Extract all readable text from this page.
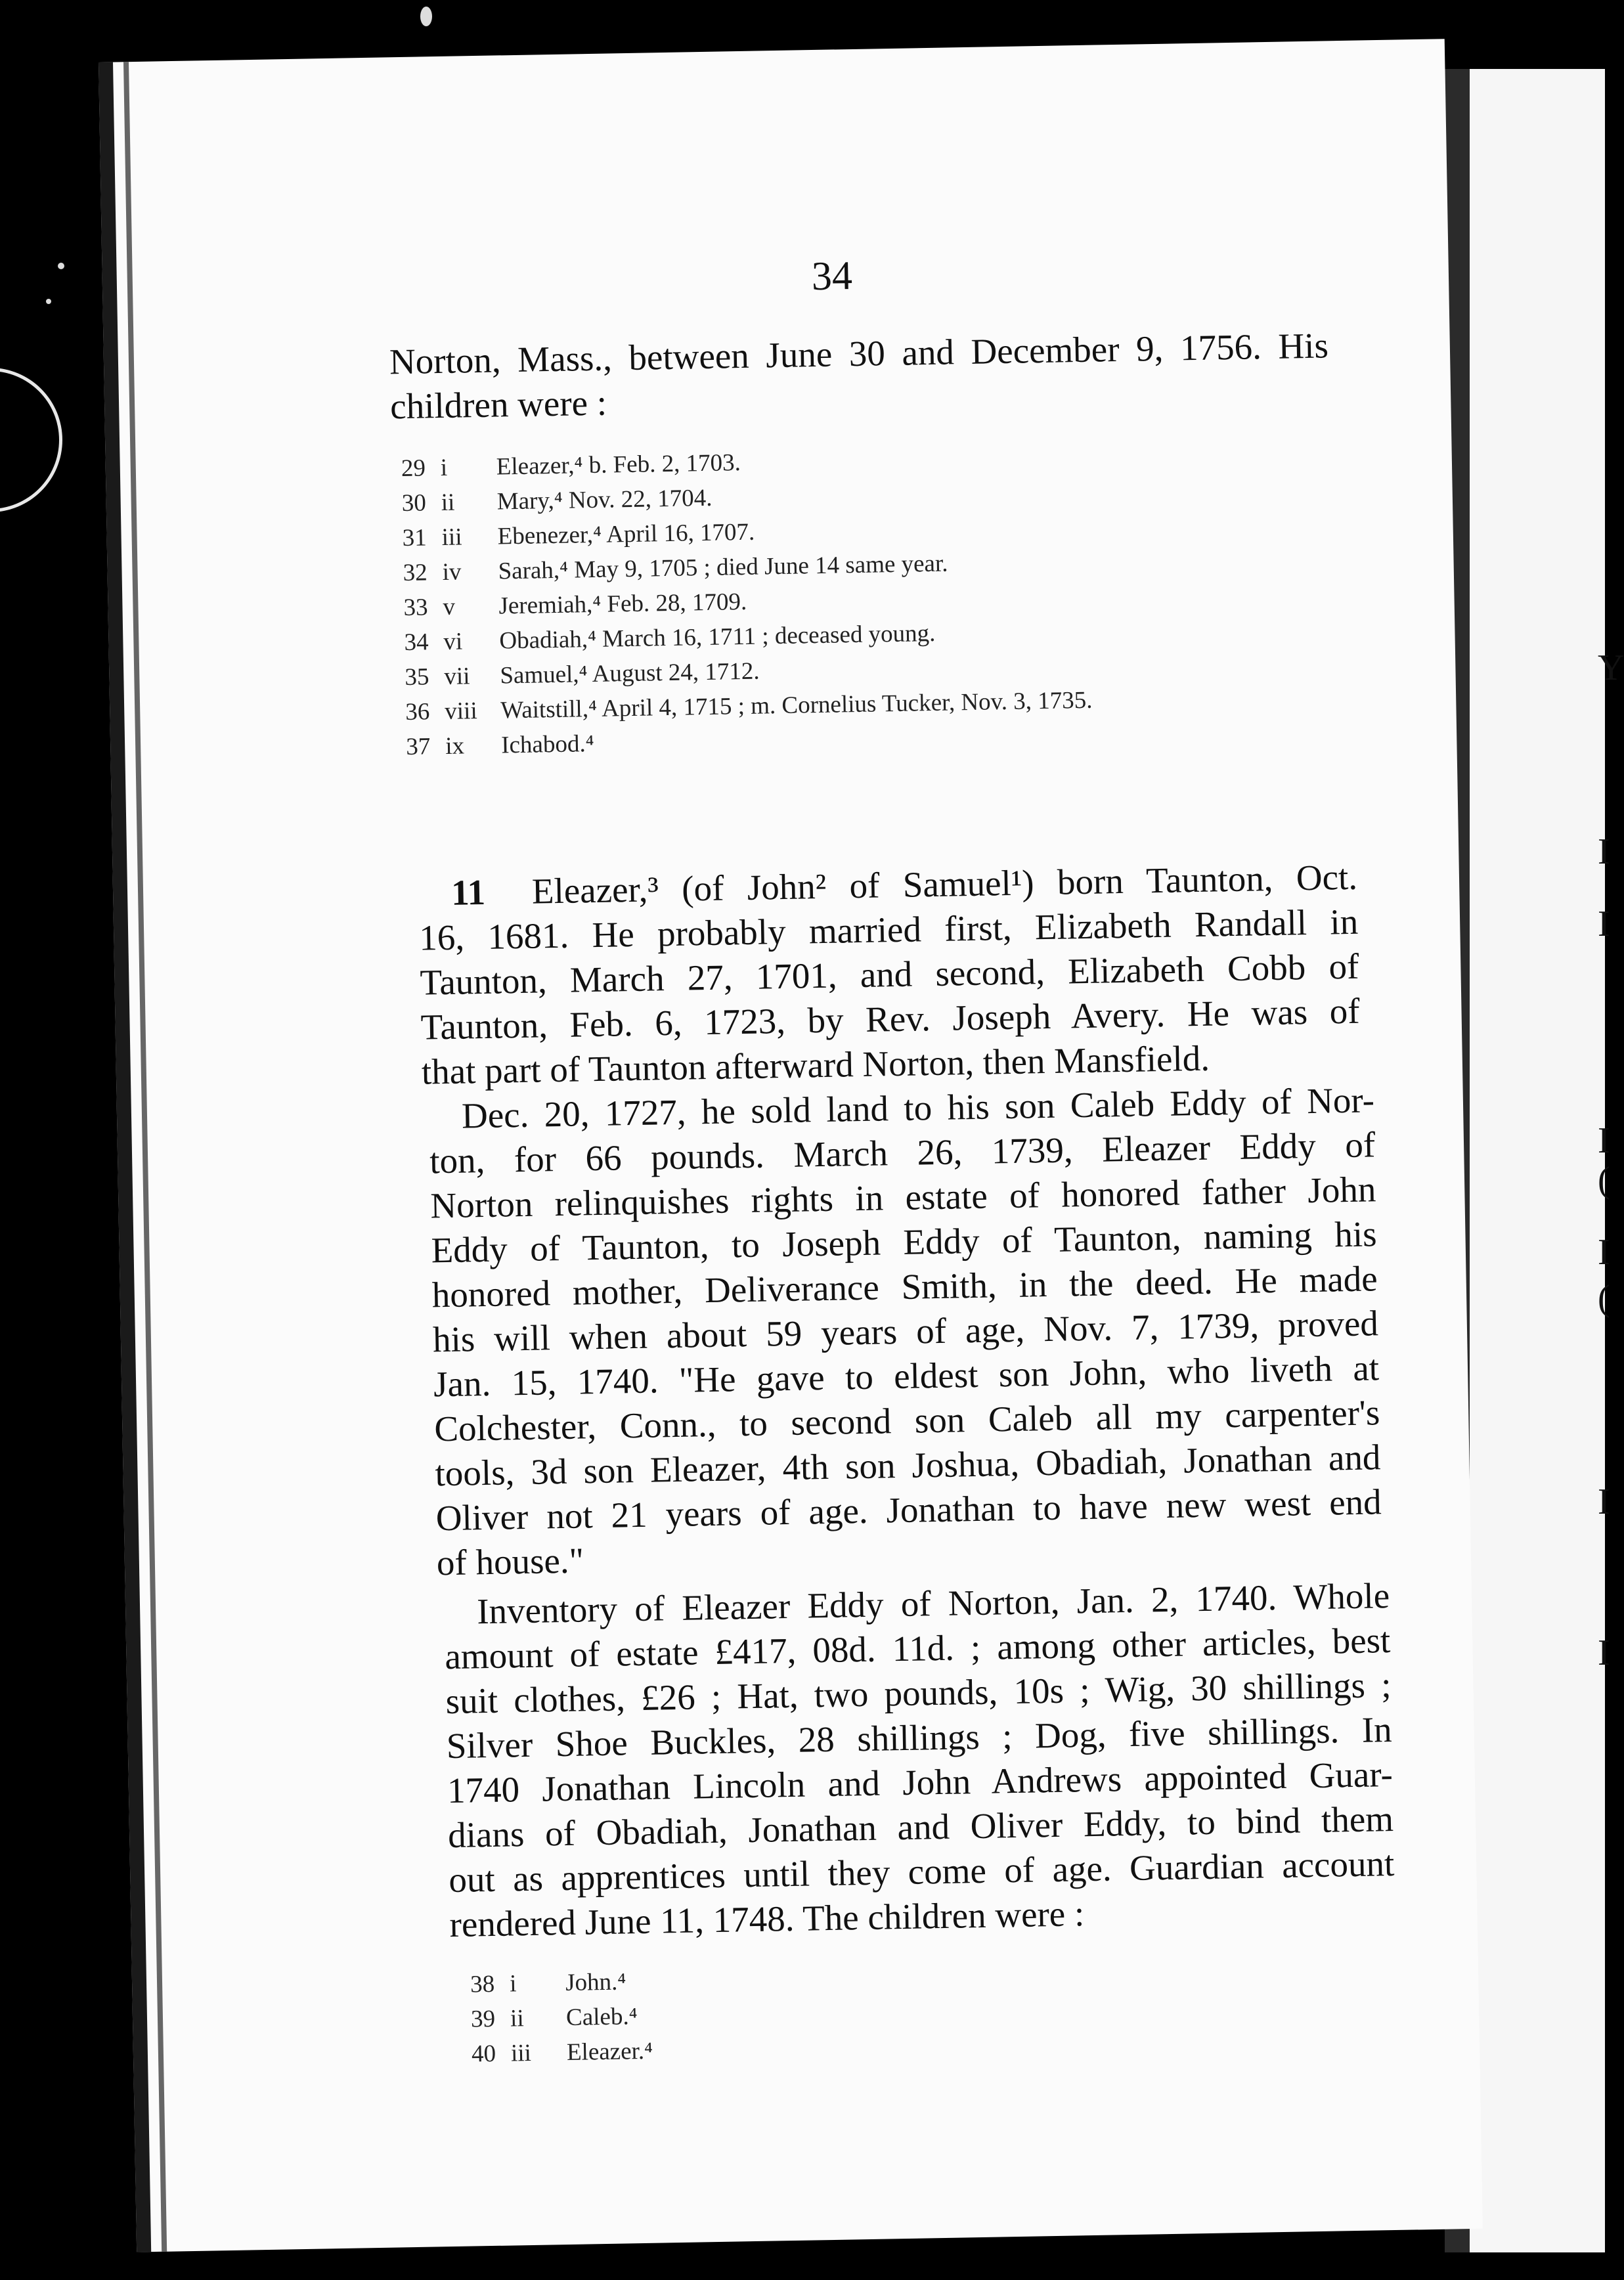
Y
I
I
I
(
I
(
I
I
34
Norton, Mass., between June 30 and December 9, 1756. His
children were :
29 i	Eleazer,⁴ b. Feb. 2, 1703.
30 ii	Mary,⁴ Nov. 22, 1704.
31 iii	Ebenezer,⁴ April 16, 1707.
32 iv	Sarah,⁴ May 9, 1705 ; died June 14 same year.
33 v	Jeremiah,⁴ Feb. 28, 1709.
34 vi	Obadiah,⁴ March 16, 1711 ; deceased young.
35 vii	Samuel,⁴ August 24, 1712.
36 viii Waitstill,⁴ April 4, 1715 ; m. Cornelius Tucker, Nov. 3, 1735.
37 ix	Ichabod.⁴
11 Eleazer,³ (of John² of Samuel¹) born Taunton, Oct.
16, 1681. He probably married first, Elizabeth Randall in
Taunton, March 27, 1701, and second, Elizabeth Cobb of
Taunton, Feb. 6, 1723, by Rev. Joseph Avery. He was of
that part of Taunton afterward Norton, then Mansfield.
Dec. 20, 1727, he sold land to his son Caleb Eddy of Nor-
ton, for 66 pounds. March 26, 1739, Eleazer Eddy of
Norton relinquishes rights in estate of honored father John
Eddy of Taunton, to Joseph Eddy of Taunton, naming his
honored mother, Deliverance Smith, in the deed. He made
his will when about 59 years of age, Nov. 7, 1739, proved
Jan. 15, 1740. "He gave to eldest son John, who liveth at
Colchester, Conn., to second son Caleb all my carpenter's
tools, 3d son Eleazer, 4th son Joshua, Obadiah, Jonathan and
Oliver not 21 years of age. Jonathan to have new west end
of house."
Inventory of Eleazer Eddy of Norton, Jan. 2, 1740. Whole
amount of estate £417, 08d. 11d. ; among other articles, best
suit clothes, £26 ; Hat, two pounds, 10s ; Wig, 30 shillings ;
Silver Shoe Buckles, 28 shillings ; Dog, five shillings. In
1740 Jonathan Lincoln and John Andrews appointed Guar-
dians of Obadiah, Jonathan and Oliver Eddy, to bind them
out as apprentices until they come of age. Guardian account
rendered June 11, 1748. The children were :
38 i	John.⁴
39 ii	Caleb.⁴
40 iii	Eleazer.⁴
